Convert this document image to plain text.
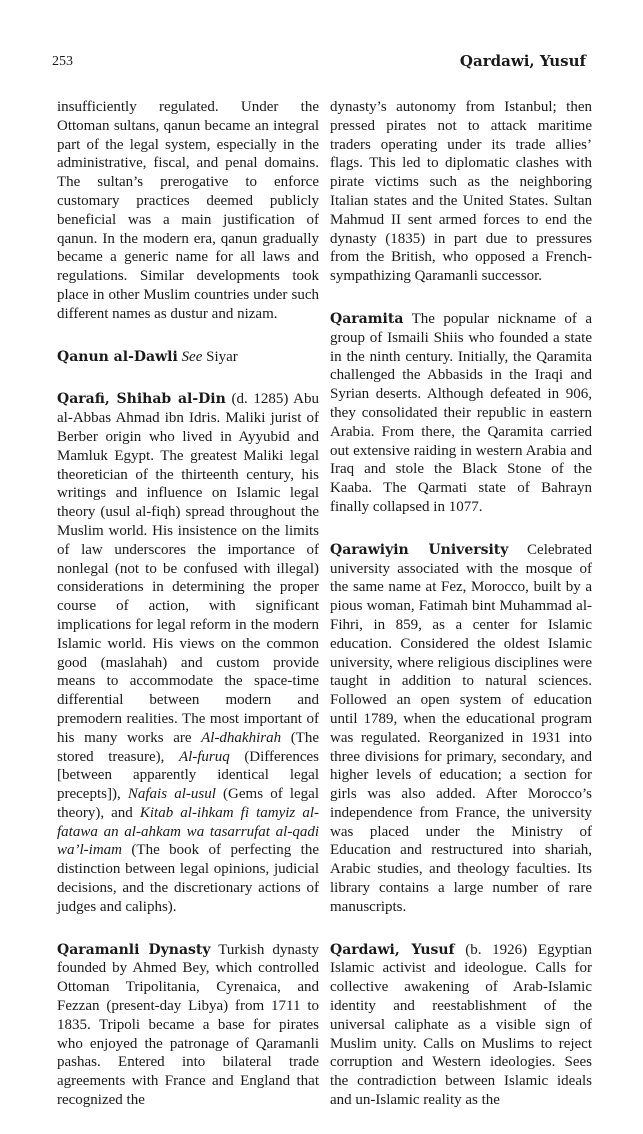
253	Qardawi, Yusuf

insufficiently regulated. Under the Ottoman sultans, qanun became an integral part of the legal system, especially in the administrative, fiscal, and penal domains. The sultan’s prerogative to enforce customary practices deemed publicly beneficial was a main justification of qanun. In the modern era, qanun gradually became a generic name for all laws and regulations. Similar developments took place in other Muslim countries under such different names as dustur and nizam.

Qanun al-Dawli See Siyar

Qarafi, Shihab al-Din (d. 1285) Abu al-Abbas Ahmad ibn Idris. Maliki jurist of Berber origin who lived in Ayyubid and Mamluk Egypt. The greatest Maliki legal theoretician of the thirteenth century, his writings and influence on Islamic legal theory (usul al-fiqh) spread throughout the Muslim world. His insistence on the limits of law underscores the importance of nonlegal (not to be confused with illegal) considerations in determining the proper course of action, with significant implications for legal reform in the modern Islamic world. His views on the common good (maslahah) and custom provide means to accommodate the space-time differential between modern and premodern realities. The most important of his many works are Al-dhakhirah (The stored treasure), Al-furuq (Differences [between apparently identical legal precepts]), Nafais al-usul (Gems of legal theory), and Kitab al-ihkam fi tamyiz al-fatawa an al-ahkam wa tasarrufat al-qadi wa’l-imam (The book of perfecting the distinction between legal opinions, judicial decisions, and the discretionary actions of judges and caliphs).

Qaramanli Dynasty Turkish dynasty founded by Ahmed Bey, which controlled Ottoman Tripolitania, Cyrenaica, and Fezzan (present-day Libya) from 1711 to 1835. Tripoli became a base for pirates who enjoyed the patronage of Qaramanli pashas. Entered into bilateral trade agreements with France and England that recognized the

dynasty’s autonomy from Istanbul; then pressed pirates not to attack maritime traders operating under its trade allies’ flags. This led to diplomatic clashes with pirate victims such as the neighboring Italian states and the United States. Sultan Mahmud II sent armed forces to end the dynasty (1835) in part due to pressures from the British, who opposed a French-sympathizing Qaramanli successor.

Qaramita The popular nickname of a group of Ismaili Shiis who founded a state in the ninth century. Initially, the Qaramita challenged the Abbasids in the Iraqi and Syrian deserts. Although defeated in 906, they consolidated their republic in eastern Arabia. From there, the Qaramita carried out extensive raiding in western Arabia and Iraq and stole the Black Stone of the Kaaba. The Qarmati state of Bahrayn finally collapsed in 1077.

Qarawiyin University Celebrated university associated with the mosque of the same name at Fez, Morocco, built by a pious woman, Fatimah bint Muhammad al-Fihri, in 859, as a center for Islamic education. Considered the oldest Islamic university, where religious disciplines were taught in addition to natural sciences. Followed an open system of education until 1789, when the educational program was regulated. Reorganized in 1931 into three divisions for primary, secondary, and higher levels of education; a section for girls was also added. After Morocco’s independence from France, the university was placed under the Ministry of Education and restructured into shariah, Arabic studies, and theology faculties. Its library contains a large number of rare manuscripts.

Qardawi, Yusuf (b. 1926) Egyptian Islamic activist and ideologue. Calls for collective awakening of Arab-Islamic identity and reestablishment of the universal caliphate as a visible sign of Muslim unity. Calls on Muslims to reject corruption and Western ideologies. Sees the contradiction between Islamic ideals and un-Islamic reality as the
